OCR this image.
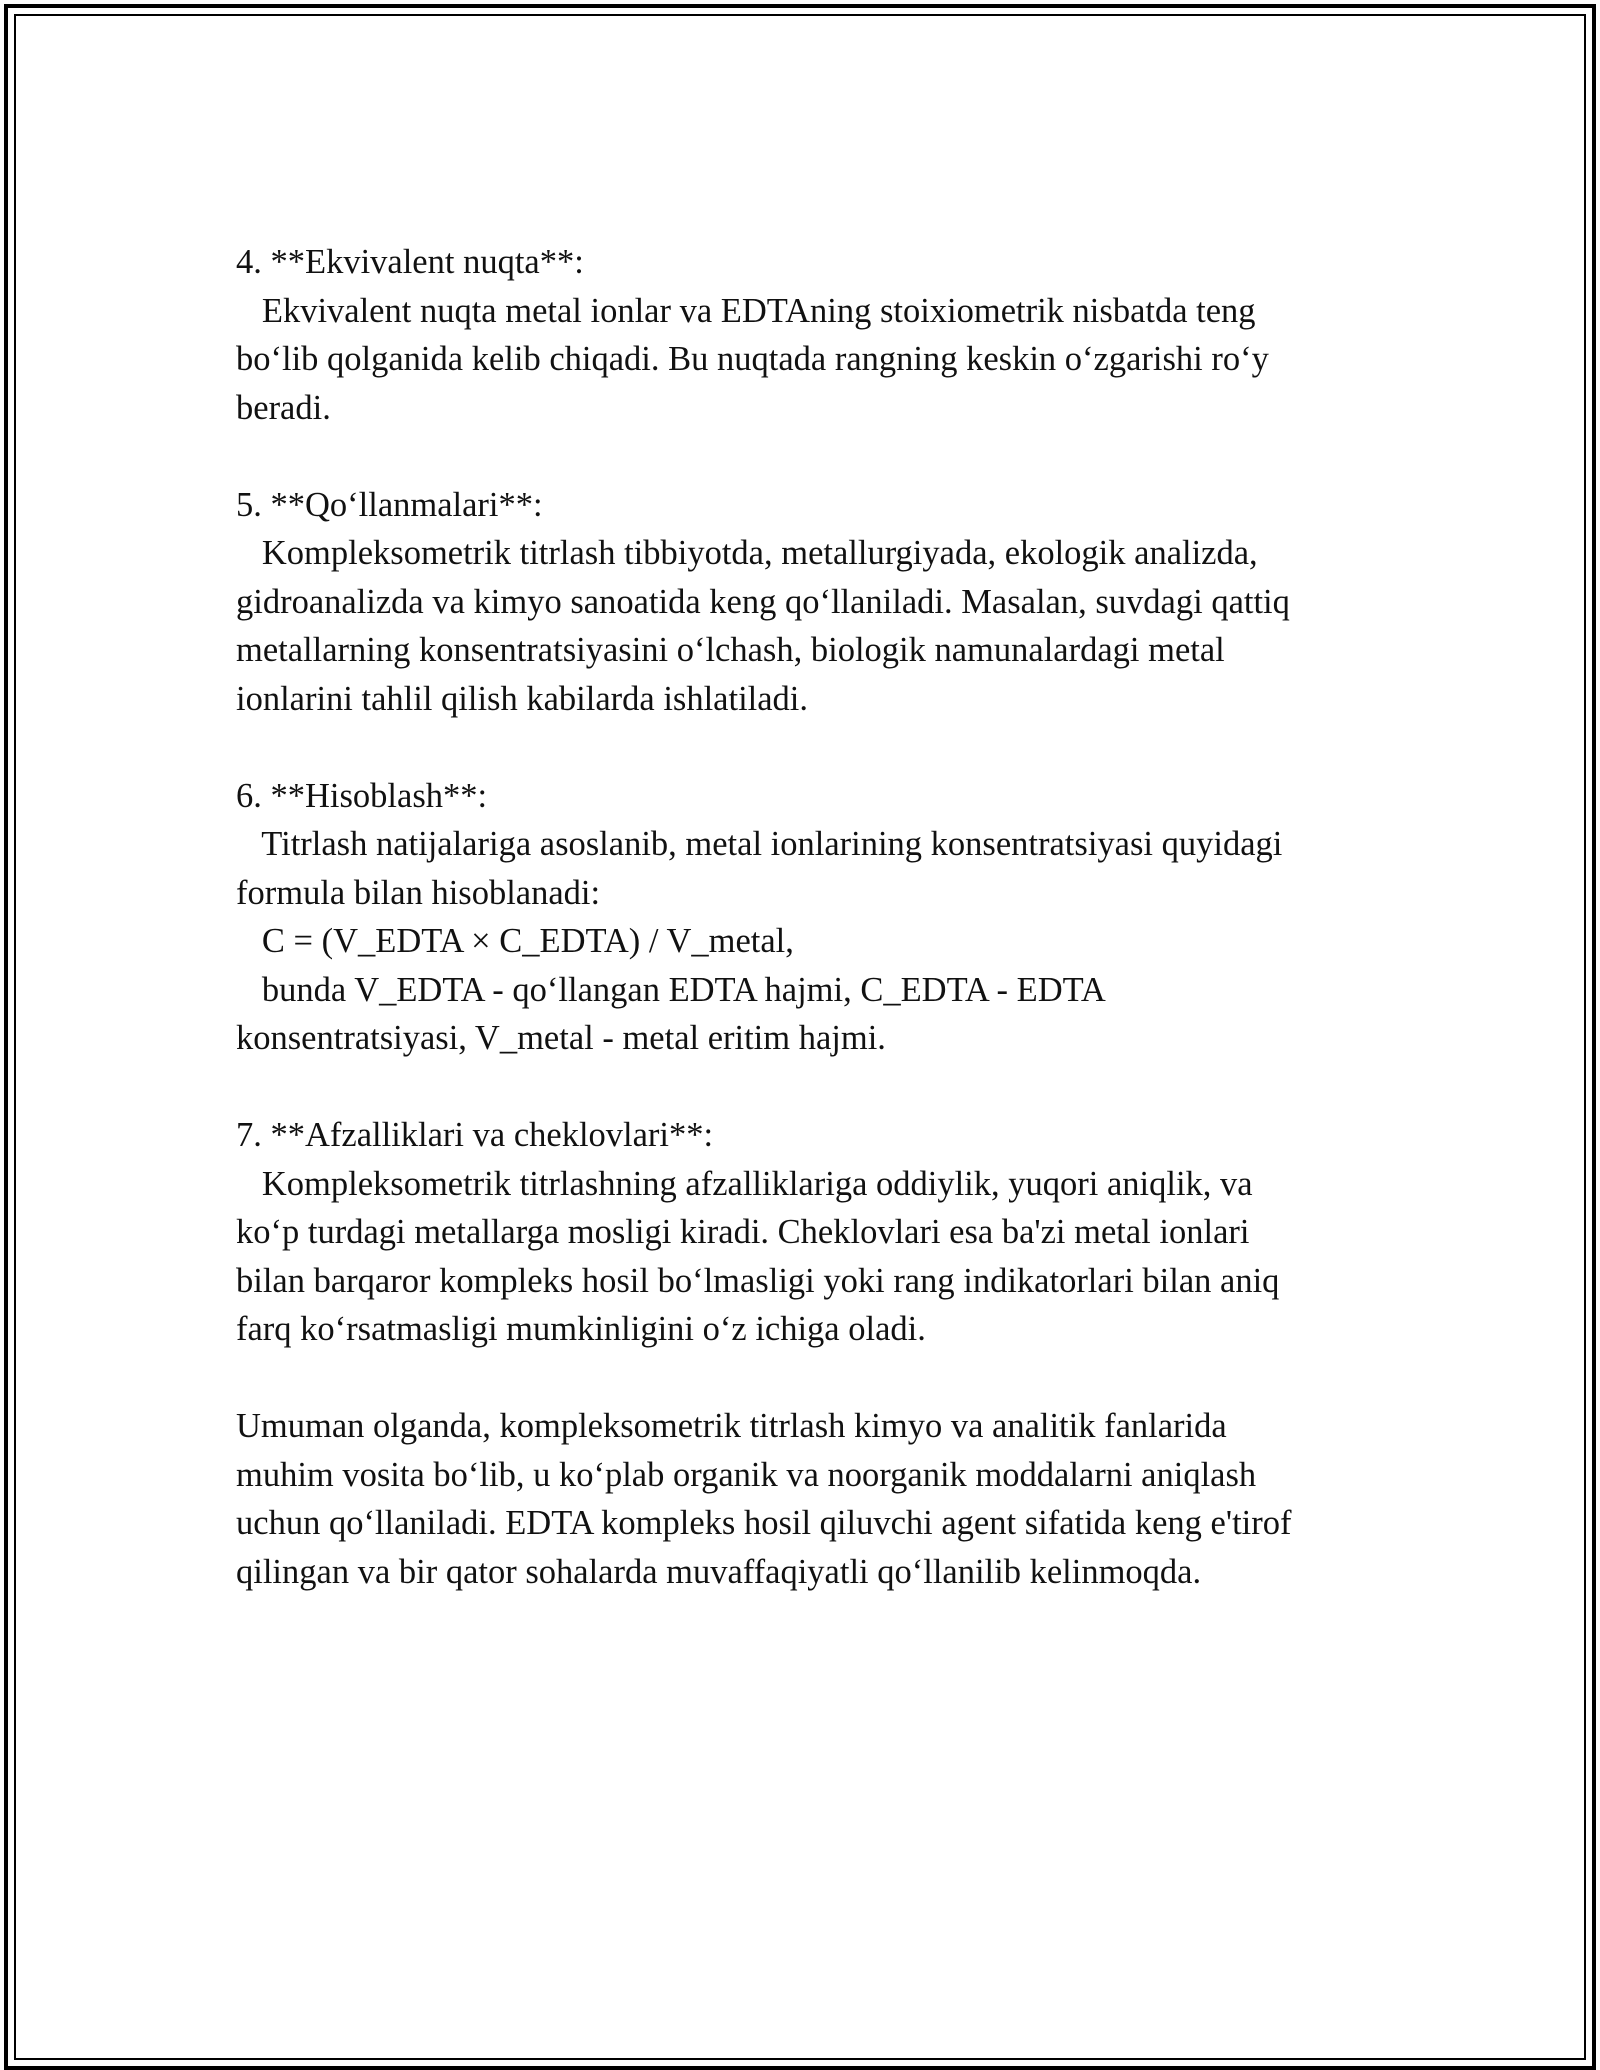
4. **Ekvivalent nuqta**:
Ekvivalent nuqta metal ionlar va EDTAning stoixiometrik nisbatda teng
bo‘lib qolganida kelib chiqadi. Bu nuqtada rangning keskin o‘zgarishi ro‘y
beradi.
5. **Qo‘llanmalari**:
Kompleksometrik titrlash tibbiyotda, metallurgiyada, ekologik analizda,
gidroanalizda va kimyo sanoatida keng qo‘llaniladi. Masalan, suvdagi qattiq
metallarning konsentratsiyasini o‘lchash, biologik namunalardagi metal
ionlarini tahlil qilish kabilarda ishlatiladi.
6. **Hisoblash**:
Titrlash natijalariga asoslanib, metal ionlarining konsentratsiyasi quyidagi
formula bilan hisoblanadi:
C = (V_EDTA × C_EDTA) / V_metal,
bunda V_EDTA - qo‘llangan EDTA hajmi, C_EDTA - EDTA
konsentratsiyasi, V_metal - metal eritim hajmi.
7. **Afzalliklari va cheklovlari**:
Kompleksometrik titrlashning afzalliklariga oddiylik, yuqori aniqlik, va
ko‘p turdagi metallarga mosligi kiradi. Cheklovlari esa ba'zi metal ionlari
bilan barqaror kompleks hosil bo‘lmasligi yoki rang indikatorlari bilan aniq
farq ko‘rsatmasligi mumkinligini o‘z ichiga oladi.
Umuman olganda, kompleksometrik titrlash kimyo va analitik fanlarida
muhim vosita bo‘lib, u ko‘plab organik va noorganik moddalarni aniqlash
uchun qo‘llaniladi. EDTA kompleks hosil qiluvchi agent sifatida keng e'tirof
qilingan va bir qator sohalarda muvaffaqiyatli qo‘llanilib kelinmoqda.
